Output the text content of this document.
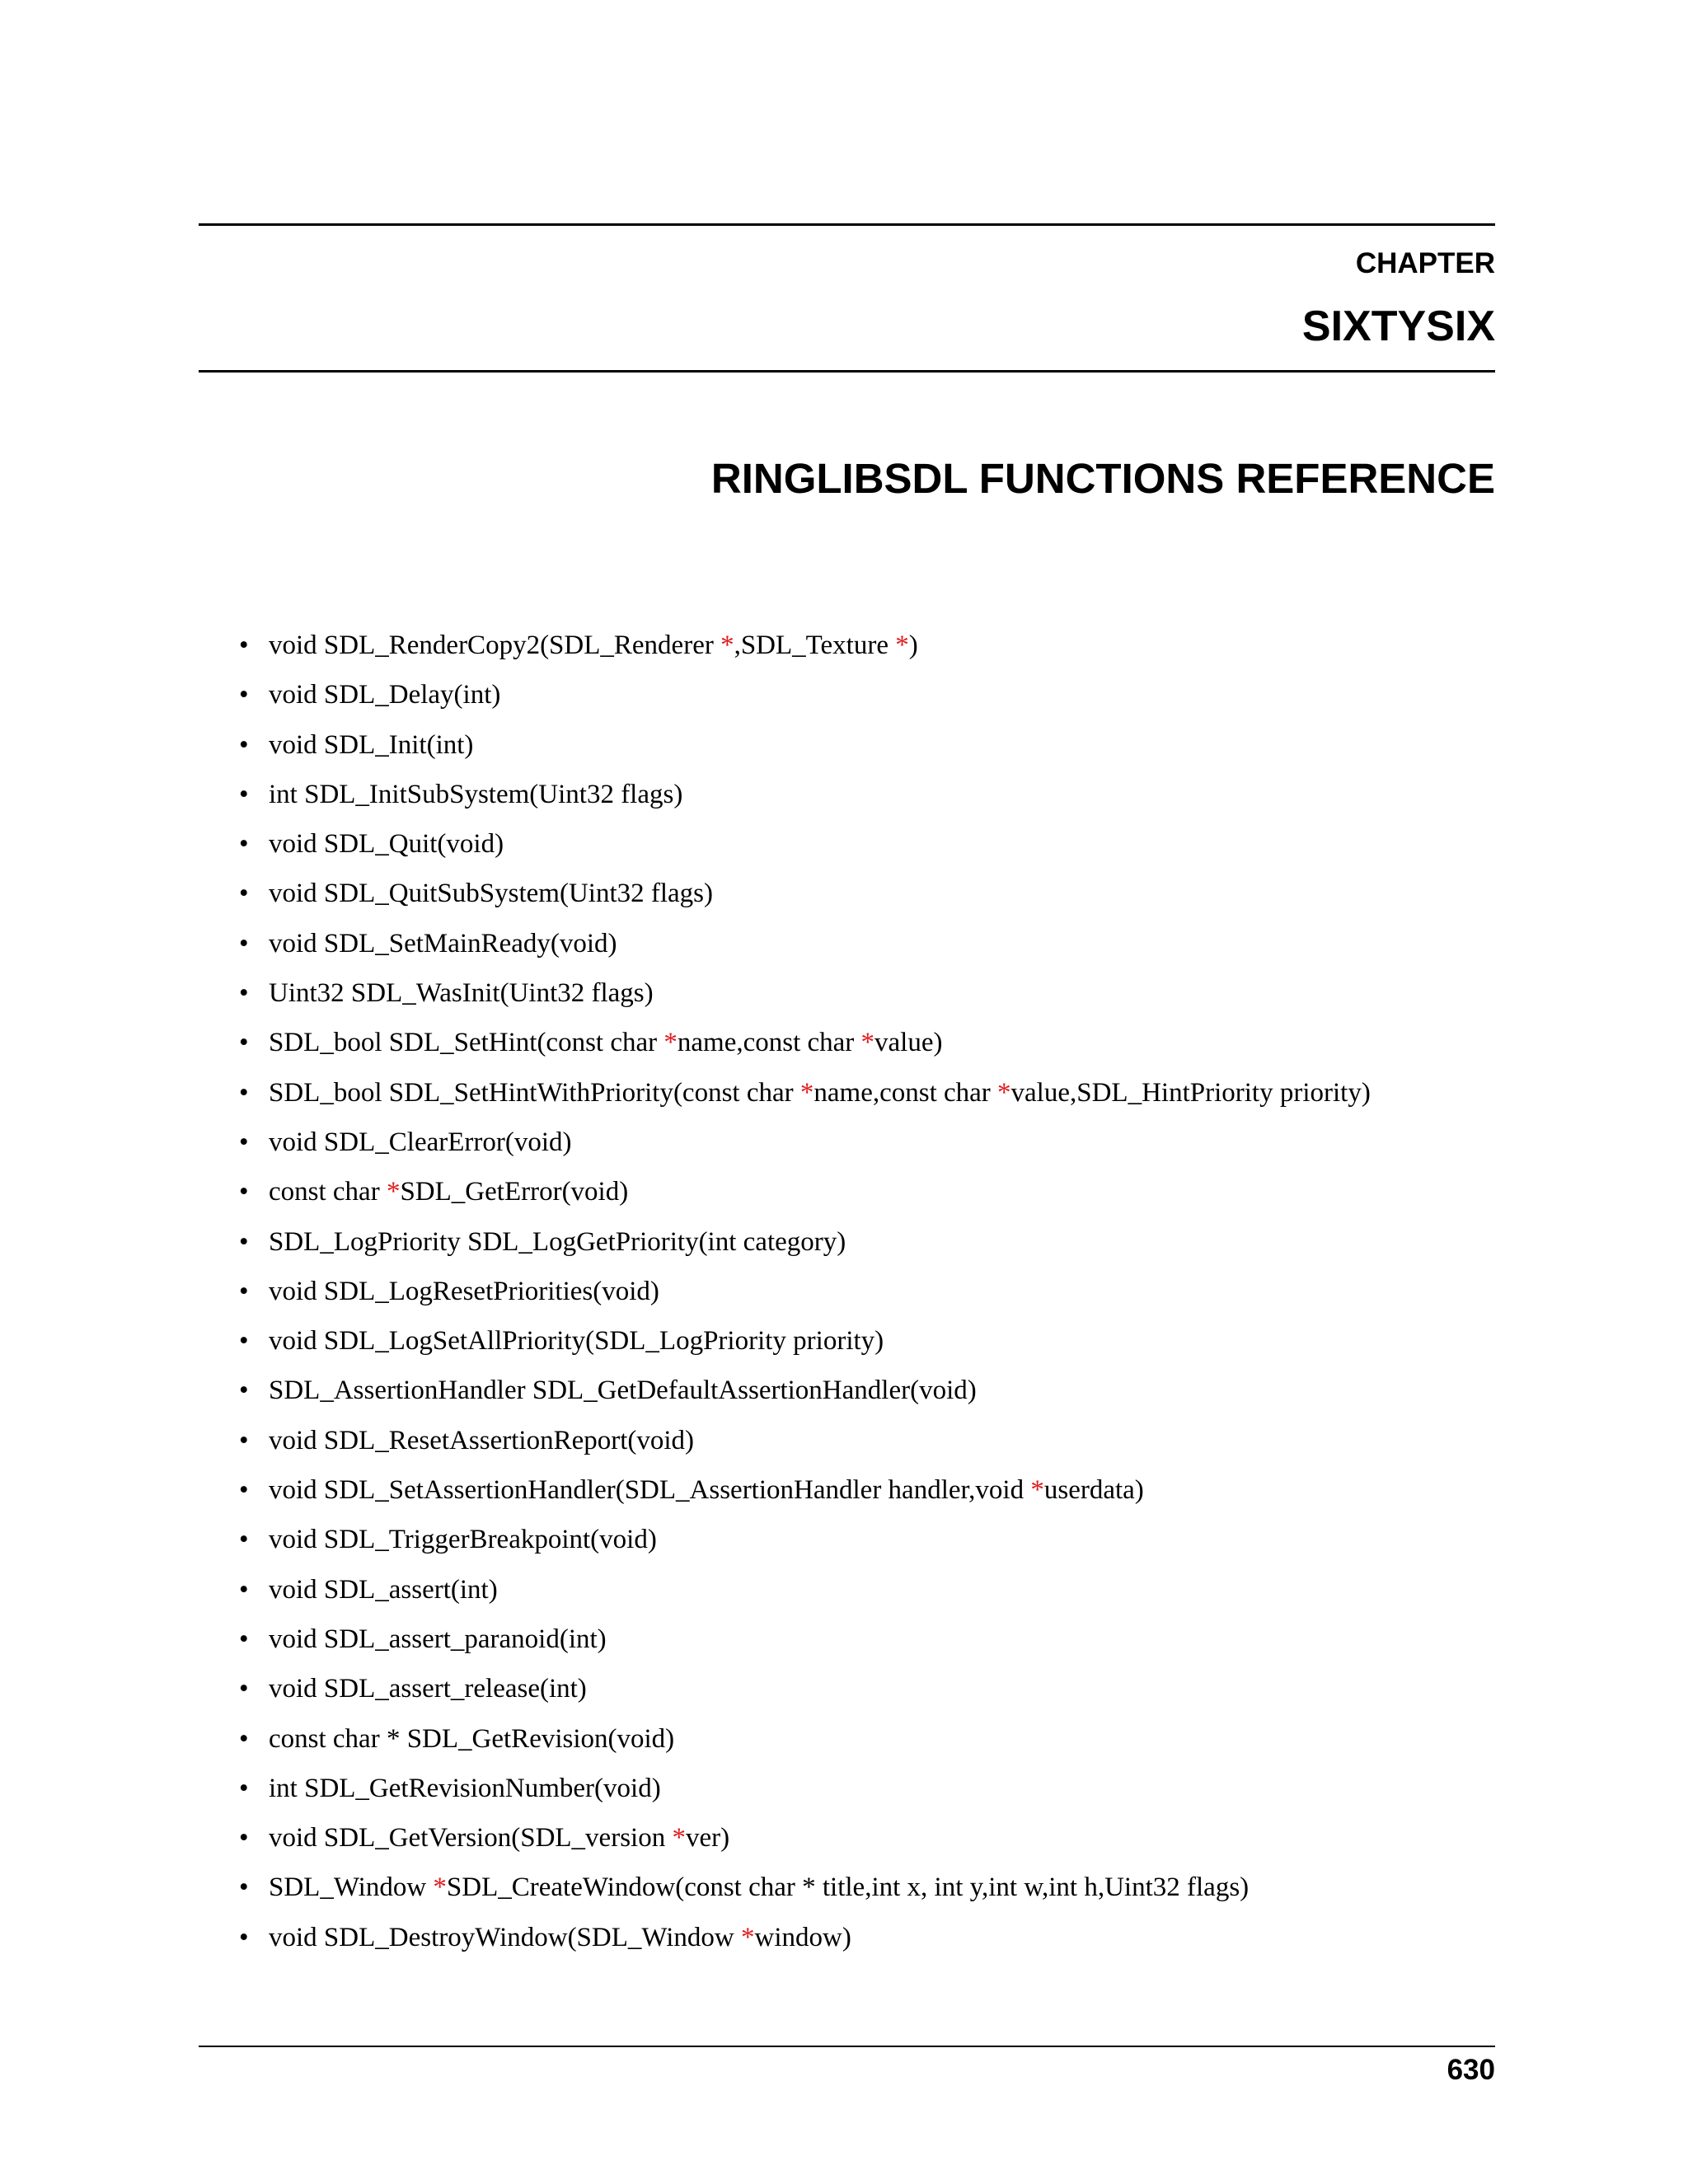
CHAPTER
SIXTYSIX
RINGLIBSDL FUNCTIONS REFERENCE
• void SDL_RenderCopy2(SDL_Renderer *,SDL_Texture *)
• void SDL_Delay(int)
• void SDL_Init(int)
• int SDL_InitSubSystem(Uint32 flags)
• void SDL_Quit(void)
• void SDL_QuitSubSystem(Uint32 flags)
• void SDL_SetMainReady(void)
• Uint32 SDL_WasInit(Uint32 flags)
• SDL_bool SDL_SetHint(const char *name,const char *value)
• SDL_bool SDL_SetHintWithPriority(const char *name,const char *value,SDL_HintPriority priority)
• void SDL_ClearError(void)
• const char *SDL_GetError(void)
• SDL_LogPriority SDL_LogGetPriority(int category)
• void SDL_LogResetPriorities(void)
• void SDL_LogSetAllPriority(SDL_LogPriority priority)
• SDL_AssertionHandler SDL_GetDefaultAssertionHandler(void)
• void SDL_ResetAssertionReport(void)
• void SDL_SetAssertionHandler(SDL_AssertionHandler handler,void *userdata)
• void SDL_TriggerBreakpoint(void)
• void SDL_assert(int)
• void SDL_assert_paranoid(int)
• void SDL_assert_release(int)
• const char * SDL_GetRevision(void)
• int SDL_GetRevisionNumber(void)
• void SDL_GetVersion(SDL_version *ver)
• SDL_Window *SDL_CreateWindow(const char * title,int x, int y,int w,int h,Uint32 flags)
• void SDL_DestroyWindow(SDL_Window *window)
630
